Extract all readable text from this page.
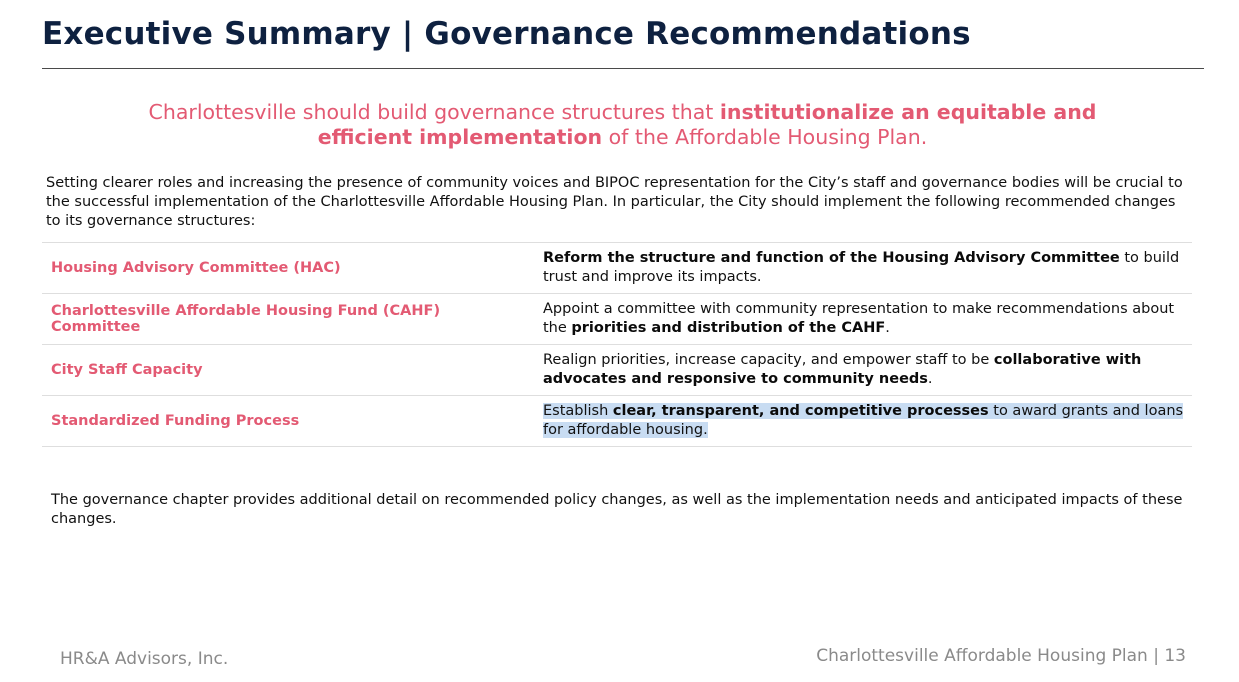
Executive Summary | Governance Recommendations
Charlottesville should build governance structures that institutionalize an equitable and efficient implementation of the Affordable Housing Plan.

Setting clearer roles and increasing the presence of community voices and BIPOC representation for the City’s staff and governance bodies will be crucial to the successful implementation of the Charlottesville Affordable Housing Plan. In particular, the City should implement the following recommended changes to its governance structures:

Housing Advisory Committee (HAC)	Reform the structure and function of the Housing Advisory Committee to build trust and improve its impacts.
Charlottesville Affordable Housing Fund (CAHF) Committee	Appoint a committee with community representation to make recommendations about the priorities and distribution of the CAHF.
City Staff Capacity	Realign priorities, increase capacity, and empower staff to be collaborative with advocates and responsive to community needs.
Standardized Funding Process	Establish clear, transparent, and competitive processes to award grants and loans for affordable housing.

The governance chapter provides additional detail on recommended policy changes, as well as the implementation needs and anticipated impacts of these changes.

HR&A Advisors, Inc.	Charlottesville Affordable Housing Plan | 13
